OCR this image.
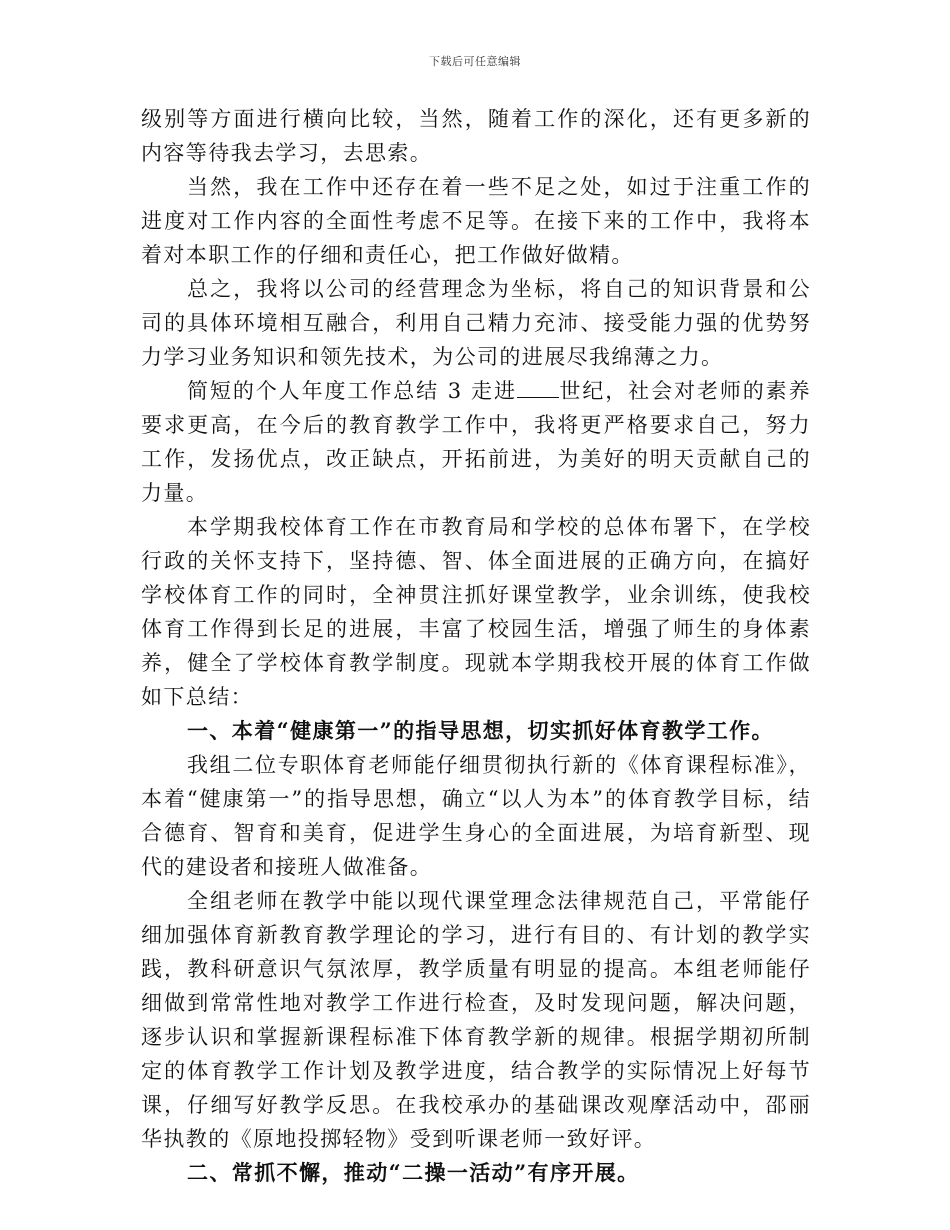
下载后可任意编辑

级别等方面进行横向比较，当然，随着工作的深化，还有更多新的内容等待我去学习，去思索。

当然，我在工作中还存在着一些不足之处，如过于注重工作的进度对工作内容的全面性考虑不足等。在接下来的工作中，我将本着对本职工作的仔细和责任心，把工作做好做精。

总之，我将以公司的经营理念为坐标，将自己的知识背景和公司的具体环境相互融合，利用自己精力充沛、接受能力强的优势努力学习业务知识和领先技术，为公司的进展尽我绵薄之力。

简短的个人年度工作总结 3 走进 世纪，社会对老师的素养要求更高，在今后的教育教学工作中，我将更严格要求自己，努力工作，发扬优点，改正缺点，开拓前进，为美好的明天贡献自己的力量。

本学期我校体育工作在市教育局和学校的总体布署下，在学校行政的关怀支持下，坚持德、智、体全面进展的正确方向，在搞好学校体育工作的同时，全神贯注抓好课堂教学，业余训练，使我校体育工作得到长足的进展，丰富了校园生活，增强了师生的身体素养，健全了学校体育教学制度。现就本学期我校开展的体育工作做如下总结：

一、本着“健康第一”的指导思想，切实抓好体育教学工作。

我组二位专职体育老师能仔细贯彻执行新的《体育课程标准》，本着“健康第一”的指导思想，确立“以人为本”的体育教学目标，结合德育、智育和美育，促进学生身心的全面进展，为培育新型、现代的建设者和接班人做准备。

全组老师在教学中能以现代课堂理念法律规范自己，平常能仔细加强体育新教育教学理论的学习，进行有目的、有计划的教学实践，教科研意识气氛浓厚，教学质量有明显的提高。本组老师能仔细做到常常性地对教学工作进行检查，及时发现问题，解决问题，逐步认识和掌握新课程标准下体育教学新的规律。根据学期初所制定的体育教学工作计划及教学进度，结合教学的实际情况上好每节课，仔细写好教学反思。在我校承办的基础课改观摩活动中，邵丽华执教的《原地投掷轻物》受到听课老师一致好评。

二、常抓不懈，推动“二操一活动”有序开展。
